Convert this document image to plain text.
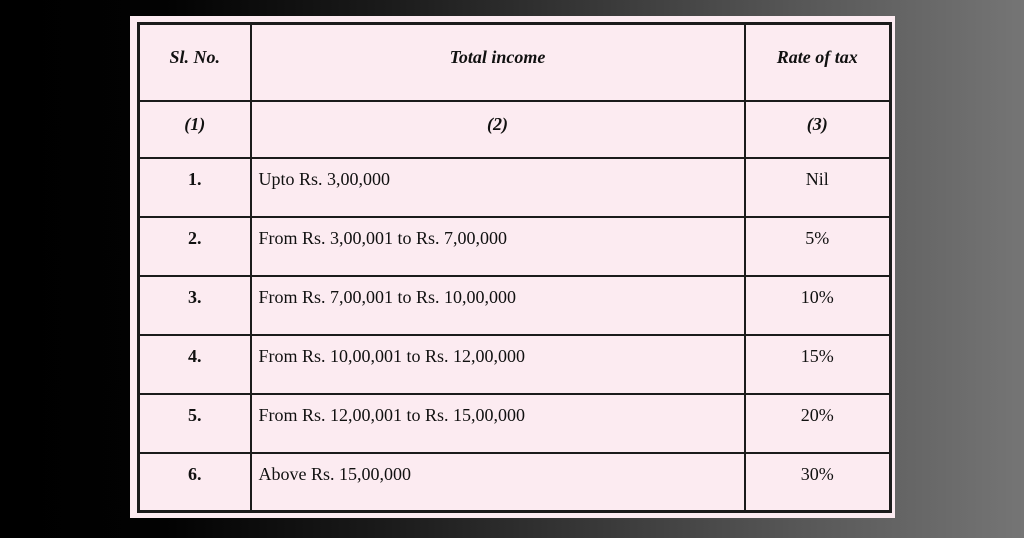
Sl. No.	Total income	Rate of tax
(1)	(2)	(3)
1.	Upto Rs. 3,00,000	Nil
2.	From Rs. 3,00,001 to Rs. 7,00,000	5%
3.	From Rs. 7,00,001 to Rs. 10,00,000	10%
4.	From Rs. 10,00,001 to Rs. 12,00,000	15%
5.	From Rs. 12,00,001 to Rs. 15,00,000	20%
6.	Above Rs. 15,00,000	30%
